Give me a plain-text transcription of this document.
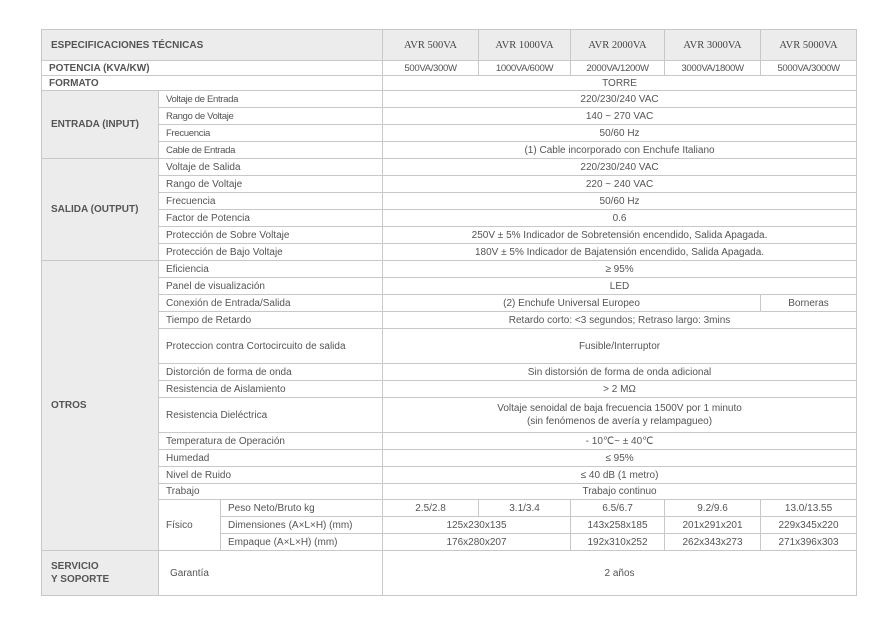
ESPECIFICACIONES TÉCNICAS			AVR 500VA	AVR 1000VA	AVR 2000VA	AVR 3000VA	AVR 5000VA
POTENCIA (KVA/KW)			500VA/300W	1000VA/600W	2000VA/1200W	3000VA/1800W	5000VA/3000W
FORMATO			TORRE				
ENTRADA (INPUT)	Voltaje de Entrada		220/230/240 VAC				
	Rango de Voltaje		140 ~ 270 VAC				
	Frecuencia		50/60 Hz				
	Cable de Entrada		(1) Cable incorporado con Enchufe Italiano				
SALIDA (OUTPUT)	Voltaje de Salida		220/230/240 VAC				
	Rango de Voltaje		220 ~ 240 VAC				
	Frecuencia		50/60 Hz				
	Factor de Potencia		0.6				
	Protección de Sobre Voltaje		250V ± 5% Indicador de Sobretensión encendido, Salida Apagada.				
	Protección de Bajo Voltaje		180V ± 5% Indicador de Bajatensión encendido, Salida Apagada.				
OTROS	Eficiencia		≥ 95%				
	Panel de visualización		LED				
	Conexión de Entrada/Salida		(2) Enchufe Universal Europeo				Borneras
	Tiempo de Retardo		Retardo corto: <3 segundos; Retraso largo: 3mins				
	Proteccion contra Cortocircuito de salida		Fusible/Interruptor				
	Distorción de forma de onda		Sin distorsión de forma de onda adicional				
	Resistencia de Aislamiento		> 2 MΩ				
	Resistencia Dieléctrica		Voltaje senoidal de baja frecuencia 1500V por 1 minuto
(sin fenómenos de avería y relampagueo)				
	Temperatura de Operación		- 10℃~ ± 40℃				
	Humedad		≤ 95%				
	Nivel de Ruido		≤ 40 dB (1 metro)				
	Trabajo		Trabajo continuo				
	Físico	Peso Neto/Bruto kg	2.5/2.8	3.1/3.4	6.5/6.7	9.2/9.6	13.0/13.55
		Dimensiones (A×L×H) (mm)	125x230x135		143x258x185	201x291x201	229x345x220
		Empaque (A×L×H) (mm)	176x280x207		192x310x252	262x343x273	271x396x303

SERVICIO
Y SOPORTE	Garantía		2 años				
